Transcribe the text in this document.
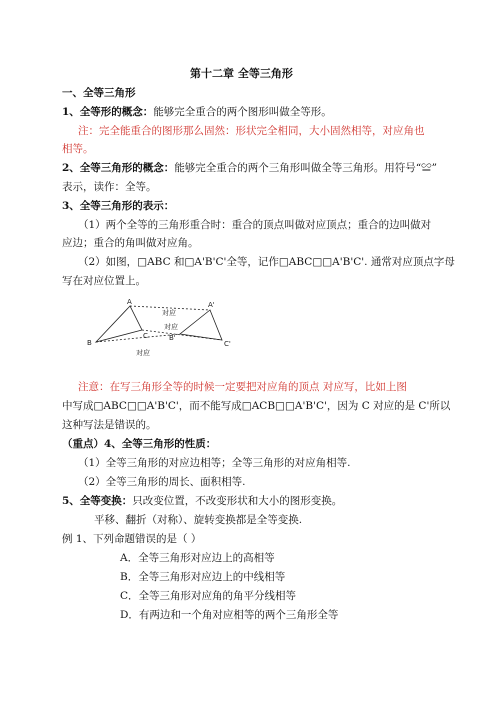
第十二章 全等三角形
一、全等三角形
1、全等形的概念：能够完全重合的两个图形叫做全等形。
注：完全能重合的图形那么固然：形状完全相同，大小固然相等，对应角也
相等。
2、全等三角形的概念：能够完全重合的两个三角形叫做全等三角形。用符号“≌”
表示，读作：全等。
3、全等三角形的表示：
（1）两个全等的三角形重合时：重合的顶点叫做对应顶点；重合的边叫做对
应边；重合的角叫做对应角。
（2）如图，□ABC 和□A'B'C'全等，记作□ABC□□A'B'C'. 通常对应顶点字母
写在对应位置上。
A
B
C
A'
B'
C'
对应
对应
对应
注意：在写三角形全等的时候一定要把对应角的顶点 对应写，比如上图
中写成□ABC□□A'B'C'，而不能写成□ACB□□A'B'C'，因为 C 对应的是 C'所以
这种写法是错误的。
（重点）4、全等三角形的性质：
（1）全等三角形的对应边相等；全等三角形的对应角相等.
（2）全等三角形的周长、面积相等.
5、全等变换：只改变位置，不改变形状和大小的图形变换。
平移、翻折（对称）、旋转变换都是全等变换.
例 1、下列命题错误的是（ ）
A．全等三角形对应边上的高相等
B．全等三角形对应边上的中线相等
C．全等三角形对应角的角平分线相等
D．有两边和一个角对应相等的两个三角形全等
